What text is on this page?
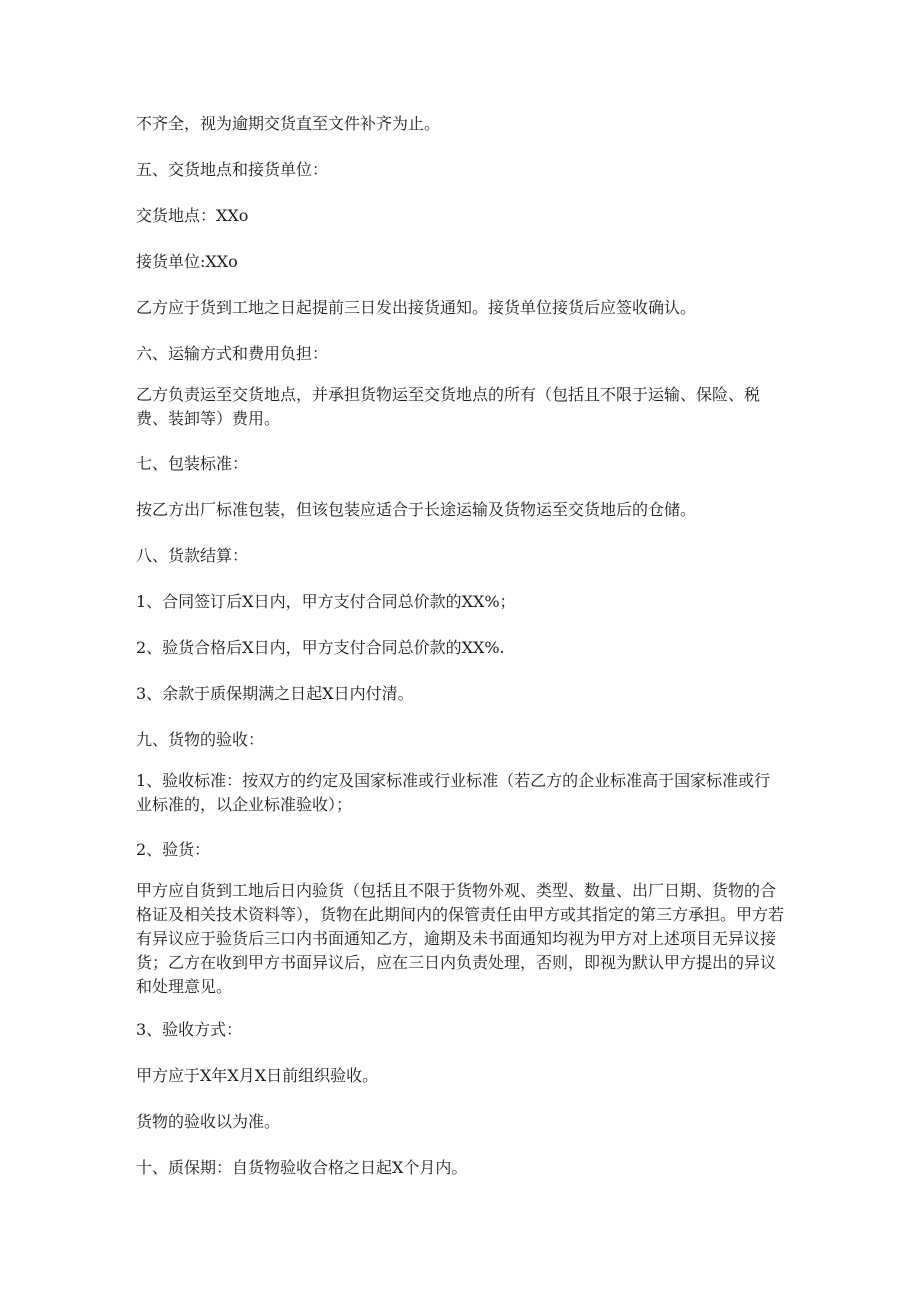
不齐全，视为逾期交货直至文件补齐为止。
五、交货地点和接货单位：
交货地点：XXo
接货单位:XXo
乙方应于货到工地之日起提前三日发出接货通知。接货单位接货后应签收确认。
六、运输方式和费用负担：
乙方负责运至交货地点，并承担货物运至交货地点的所有（包括且不限于运输、保险、税费、装卸等）费用。
七、包装标准：
按乙方出厂标准包装，但该包装应适合于长途运输及货物运至交货地后的仓储。
八、货款结算：
1、合同签订后X日内，甲方支付合同总价款的XX%；
2、验货合格后X日内，甲方支付合同总价款的XX%.
3、余款于质保期满之日起X日内付清。
九、货物的验收：
1、验收标准：按双方的约定及国家标准或行业标准（若乙方的企业标准高于国家标准或行业标准的，以企业标准验收）；
2、验货：
甲方应自货到工地后日内验货（包括且不限于货物外观、类型、数量、出厂日期、货物的合格证及相关技术资料等），货物在此期间内的保管责任由甲方或其指定的第三方承担。甲方若有异议应于验货后三口内书面通知乙方，逾期及未书面通知均视为甲方对上述项目无异议接货；乙方在收到甲方书面异议后，应在三日内负责处理，否则，即视为默认甲方提出的异议和处理意见。
3、验收方式：
甲方应于X年X月X日前组织验收。
货物的验收以为准。
十、质保期：自货物验收合格之日起X个月内。
